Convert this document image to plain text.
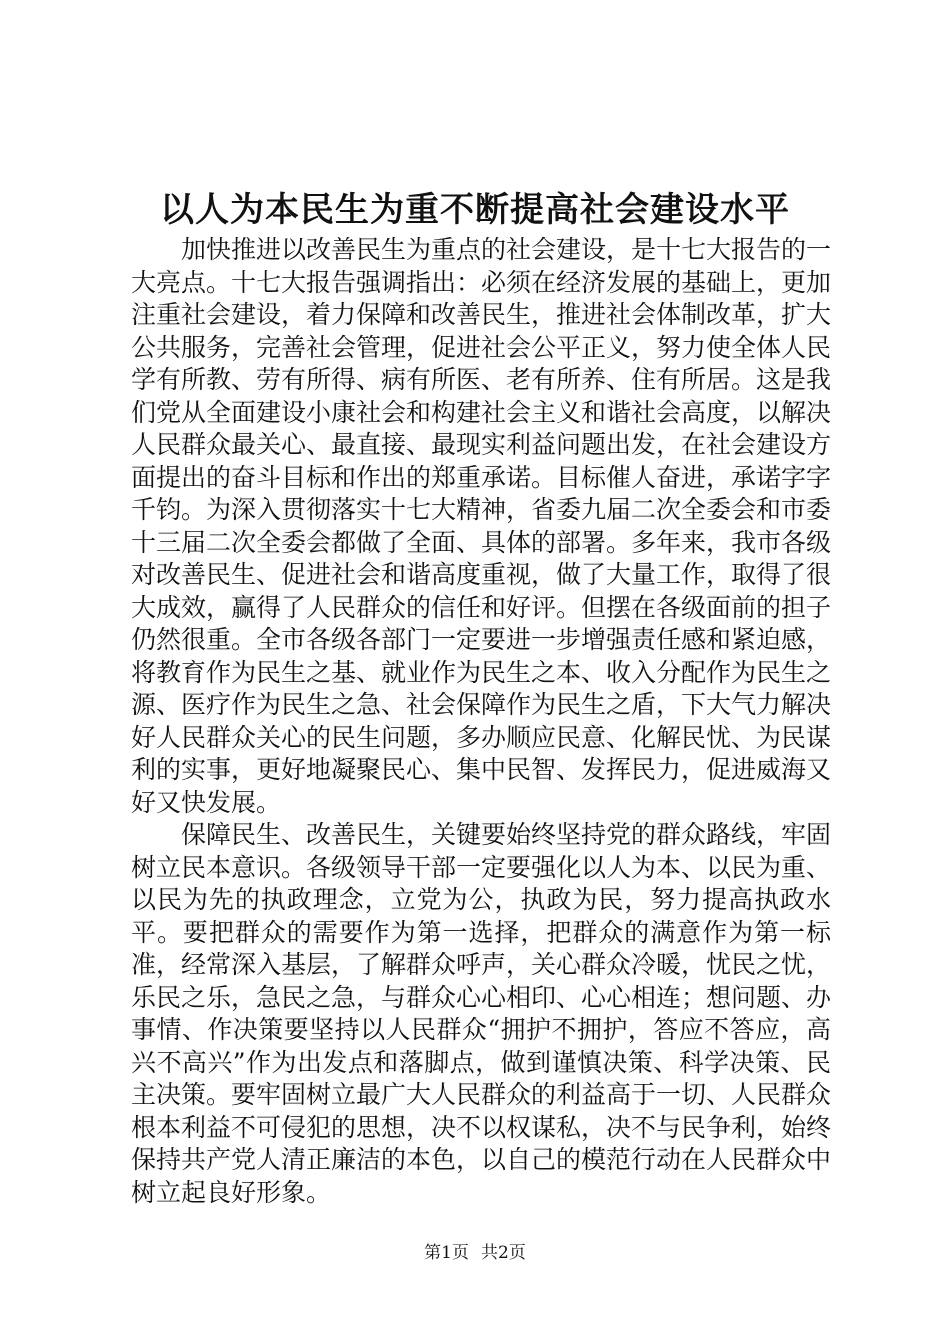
以人为本民生为重不断提高社会建设水平

加快推进以改善民生为重点的社会建设，是十七大报告的一大亮点。十七大报告强调指出：必须在经济发展的基础上，更加注重社会建设，着力保障和改善民生，推进社会体制改革，扩大公共服务，完善社会管理，促进社会公平正义，努力使全体人民学有所教、劳有所得、病有所医、老有所养、住有所居。这是我们党从全面建设小康社会和构建社会主义和谐社会高度，以解决人民群众最关心、最直接、最现实利益问题出发，在社会建设方面提出的奋斗目标和作出的郑重承诺。目标催人奋进，承诺字字千钧。为深入贯彻落实十七大精神，省委九届二次全委会和市委十三届二次全委会都做了全面、具体的部署。多年来，我市各级对改善民生、促进社会和谐高度重视，做了大量工作，取得了很大成效，赢得了人民群众的信任和好评。但摆在各级面前的担子仍然很重。全市各级各部门一定要进一步增强责任感和紧迫感，将教育作为民生之基、就业作为民生之本、收入分配作为民生之源、医疗作为民生之急、社会保障作为民生之盾，下大气力解决好人民群众关心的民生问题，多办顺应民意、化解民忧、为民谋利的实事，更好地凝聚民心、集中民智、发挥民力，促进威海又好又快发展。

保障民生、改善民生，关键要始终坚持党的群众路线，牢固树立民本意识。各级领导干部一定要强化以人为本、以民为重、以民为先的执政理念，立党为公，执政为民，努力提高执政水平。要把群众的需要作为第一选择，把群众的满意作为第一标准，经常深入基层，了解群众呼声，关心群众冷暖，忧民之忧，乐民之乐，急民之急，与群众心心相印、心心相连；想问题、办事情、作决策要坚持以人民群众“拥护不拥护，答应不答应，高兴不高兴”作为出发点和落脚点，做到谨慎决策、科学决策、民主决策。要牢固树立最广大人民群众的利益高于一切、人民群众根本利益不可侵犯的思想，决不以权谋私，决不与民争利，始终保持共产党人清正廉洁的本色，以自己的模范行动在人民群众中树立起良好形象。

第1页 共2页
